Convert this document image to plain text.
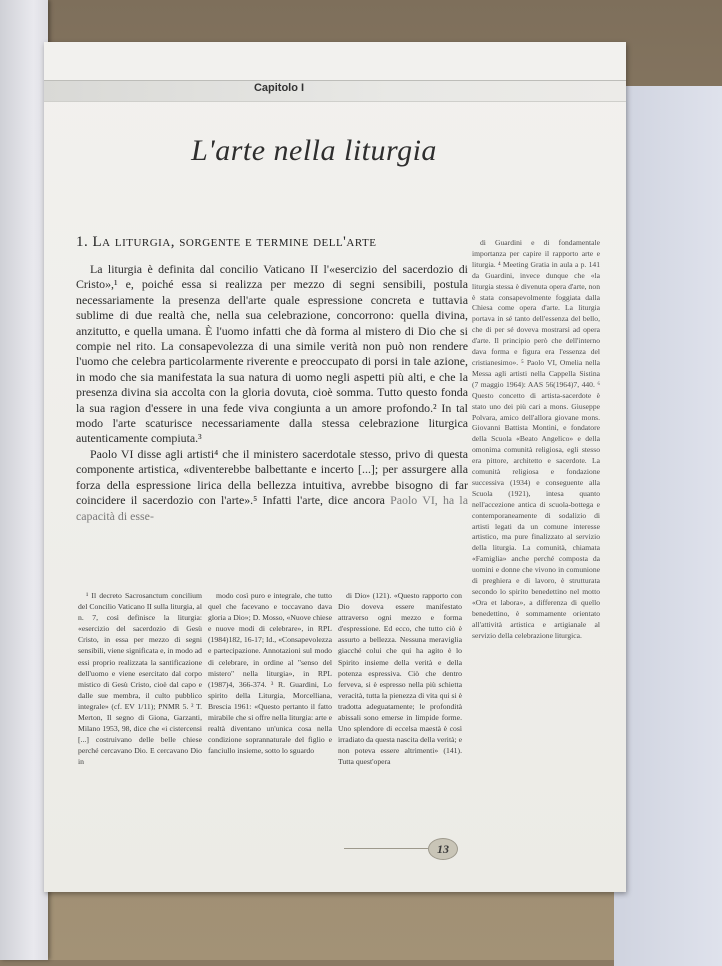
Capitolo I
L'arte nella liturgia
1. La liturgia, sorgente e termine dell'arte

La liturgia è definita dal concilio Vaticano II l'«esercizio del sacerdozio di Cristo»,¹ e, poiché essa si realizza per mezzo di segni sensibili, postula necessariamente la presenza dell'arte quale espressione concreta e tuttavia sublime di due realtà che, nella sua celebrazione, concorrono: quella divina, anzitutto, e quella umana. È l'uomo infatti che dà forma al mistero di Dio che si compie nel rito. La consapevolezza di una simile verità non può non rendere l'uomo che celebra particolarmente riverente e preoccupato di porsi in tale azione, in modo che sia manifestata la sua natura di uomo negli aspetti più alti, e che la presenza divina sia accolta con la gloria dovuta, cioè somma. Tutto questo fonda la sua ragion d'essere in una fede viva congiunta a un amore profondo.² In tal modo l'arte scaturisce necessariamente dalla stessa celebrazione liturgica autenticamente compiuta.³

Paolo VI disse agli artisti⁴ che il ministero sacerdotale stesso, privo di questa componente artistica, «diventerebbe balbettante e incerto [...]; per assurgere alla forza della espressione lirica della bellezza intuitiva, avrebbe bisogno di far coincidere il sacerdozio con l'arte».⁵ Infatti l'arte, dice ancora Paolo VI, ha la capacità di esse-

di Guardini e di fondamentale importanza per capire il rapporto arte e liturgia. ⁴ Meeting Gratia in aula a p. 141 da Guardini, invece dunque che «la liturgia stessa è divenuta opera d'arte, non è stata consapevolmente foggiata dalla Chiesa come opera d'arte. La liturgia portava in sé tanto dell'essenza del bello, che di per sé doveva mostrarsi ad opera d'arte. Il principio però che dell'interno dava forma e figura era l'essenza del cristianesimo». ⁵ Paolo VI, Omelia nella Messa agli artisti nella Cappella Sistina (7 maggio 1964): AAS 56(1964)7, 440. ⁶ Questo concetto di artista-sacerdote è stato uno dei più cari a mons. Giuseppe Polvara, amico dell'allora giovane mons. Giovanni Battista Montini, e fondatore della Scuola «Beato Angelico» e della omonima comunità religiosa, egli stesso era pittore, architetto e sacerdote. La comunità religiosa e fondazione successiva (1934) e conseguente alla Scuola (1921), intesa quanto nell'accezione antica di scuola-bottega e contemporaneamente di sodalizio di artisti legati da un comune interesse artistico, ma pure finalizzato al servizio della liturgia. La comunità, chiamata «Famiglia» anche perché composta da uomini e donne che vivono in comunione di preghiera e di lavoro, è strutturata secondo lo spirito benedettino nel motto «Ora et labora», a differenza di quello benedettino, è sommamente orientato all'attività artistica e artigianale al servizio della celebrazione liturgica.

¹ Il decreto Sacrosanctum concilium del Concilio Vaticano II sulla liturgia, al n. 7, così definisce la liturgia: «esercizio del sacerdozio di Gesù Cristo, in essa per mezzo di segni sensibili, viene significata e, in modo ad essi proprio realizzata la santificazione dell'uomo e viene esercitato dal corpo mistico di Gesù Cristo, cioè dal capo e dalle sue membra, il culto pubblico integrale» (cf. EV 1/11); PNMR 5. ² T. Merton, Il segno di Giona, Garzanti, Milano 1953, 98, dice che «i cistercensi [...] costruivano delle belle chiese perché cercavano Dio. E cercavano Dio in

modo così puro e integrale, che tutto quel che facevano e toccavano dava gloria a Dio»; D. Mosso, «Nuove chiese e nuove modi di celebrare», in RPL (1984)182, 16-17; Id., «Consapevolezza e partecipazione. Annotazioni sul modo di celebrare, in ordine al "senso del mistero" nella liturgia», in RPL (1987)4, 366-374. ³ R. Guardini, Lo spirito della Liturgia, Morcelliana, Brescia 1961: «Questo pertanto il fatto mirabile che si offre nella liturgia: arte e realtà diventano un'unica cosa nella condizione soprannaturale del figlio e fanciullo insieme, sotto lo sguardo

di Dio» (121). «Questo rapporto con Dio doveva essere manifestato attraverso ogni mezzo e forma d'espressione. Ed ecco, che tutto ciò è assurto a bellezza. Nessuna meraviglia giacché colui che qui ha agito è lo Spirito insieme della verità e della potenza espressiva. Ciò che dentro ferveva, si è espresso nella più schietta veracità, tutta la pienezza di vita qui si è tradotta adeguatamente; le profondità abissali sono emerse in limpide forme. Uno splendore di eccelsa maestà è così irradiato da questa nascita della verità; e non poteva essere altrimenti» (141). Tutta quest'opera

13
